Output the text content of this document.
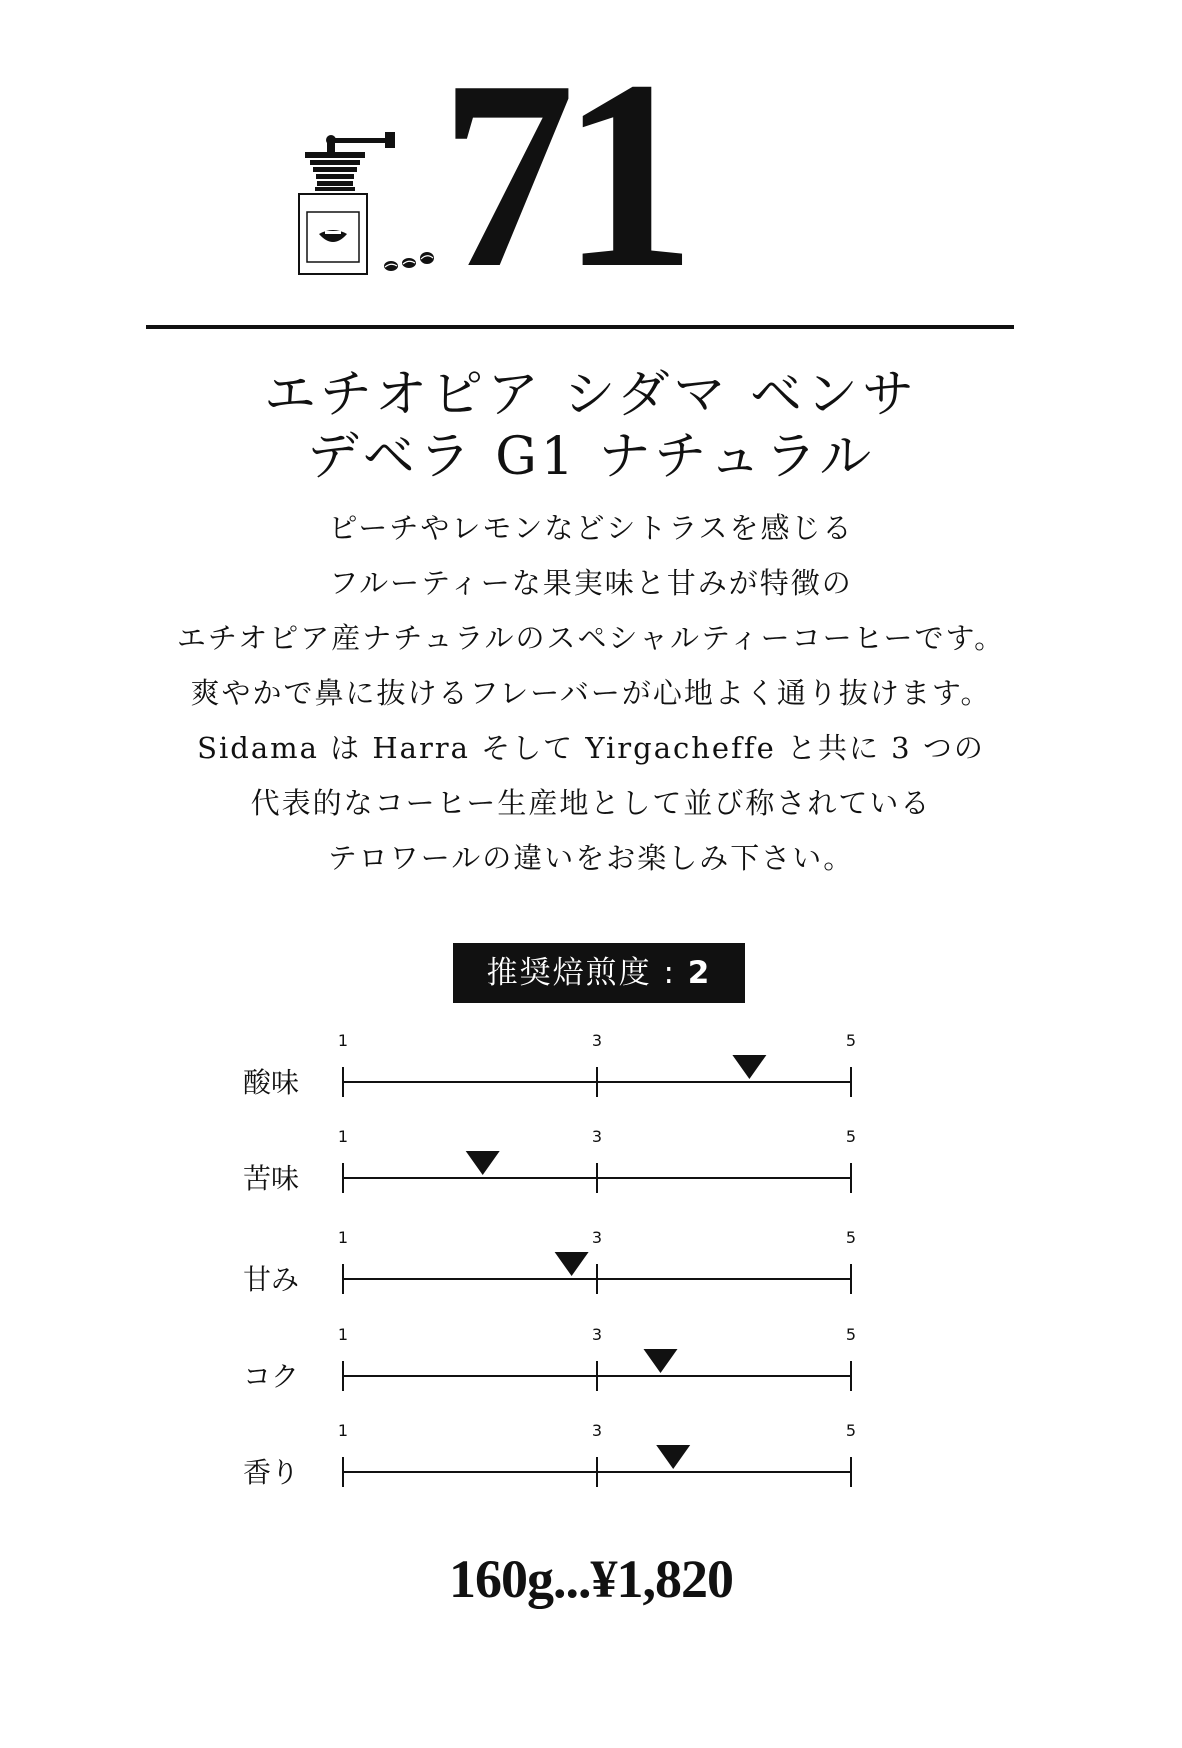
71
エチオピア シダマ ベンサ
デベラ G1 ナチュラル
ピーチやレモンなどシトラスを感じる
フルーティーな果実味と甘みが特徴の
エチオピア産ナチュラルのスペシャルティーコーヒーです。
爽やかで鼻に抜けるフレーバーが心地よく通り抜けます。
Sidama は Harra そして Yirgacheffe と共に 3 つの
代表的なコーヒー生産地として並び称されている
テロワールの違いをお楽しみ下さい。
推奨焙煎度 : 2
酸味
1	3	5
苦味
1	3	5
甘み
1	3	5
コク
1	3	5
香り
1	3	5
160g...¥1,820
